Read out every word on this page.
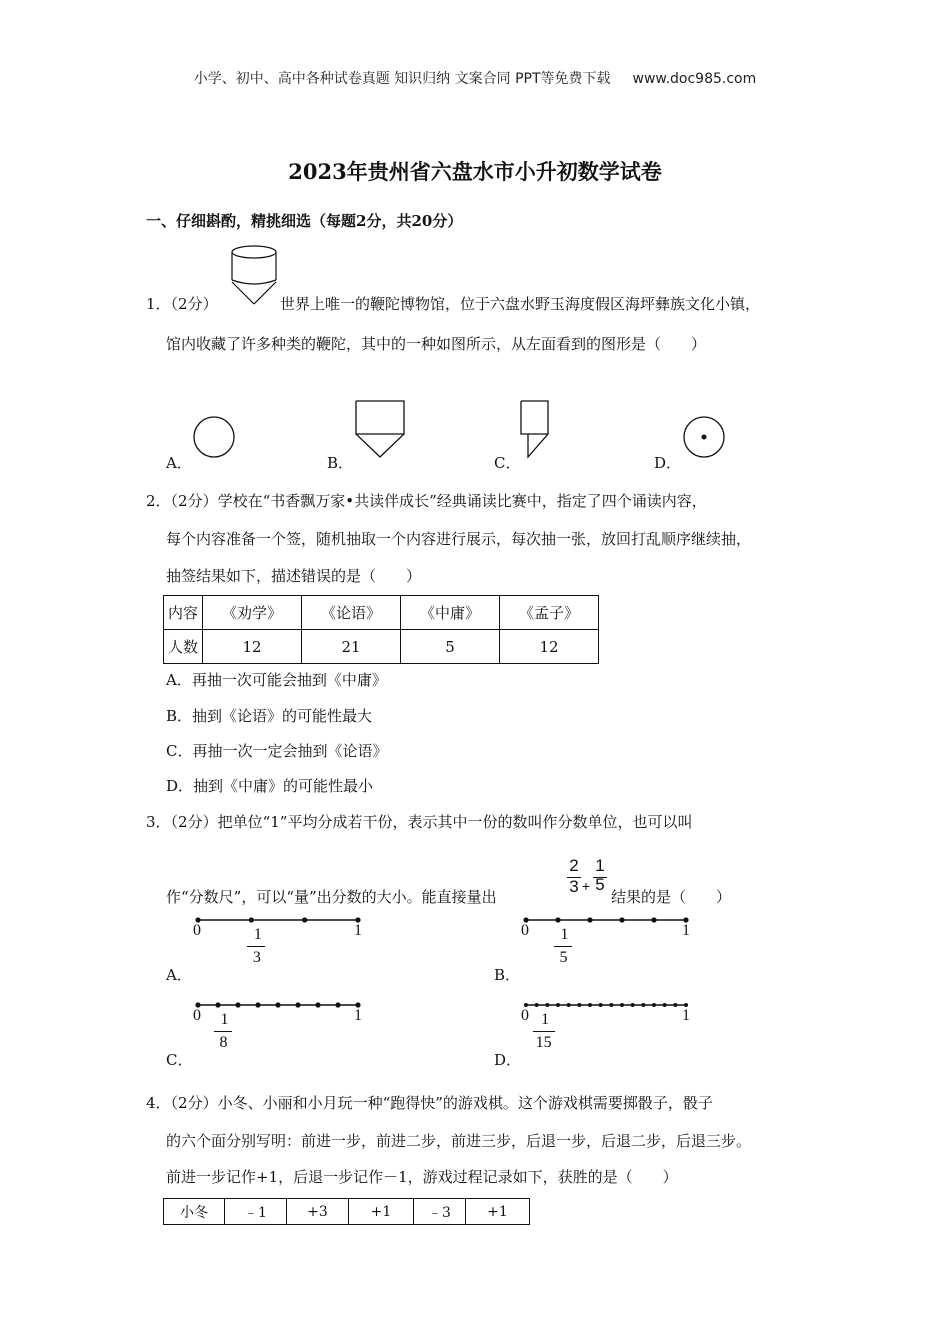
小学、初中、高中各种试卷真题 知识归纳 文案合同 PPT等免费下载 www.doc985.com
2023年贵州省六盘水市小升初数学试卷
一、仔细斟酌，精挑细选（每题2分，共20分）
1．（2分）	世界上唯一的鞭陀博物馆，位于六盘水野玉海度假区海坪彝族文化小镇，
馆内收藏了许多种类的鞭陀，其中的一种如图所示，从左面看到的图形是（　　）
A．	B．	C．	D．
2．（2分）学校在“书香飘万家•共读伴成长”经典诵读比赛中，指定了四个诵读内容，
每个内容准备一个签，随机抽取一个内容进行展示，每次抽一张，放回打乱顺序继续抽，
抽签结果如下，描述错误的是（　　）
内容	《劝学》	《论语》	《中庸》	《孟子》
人数	12	21	5	12
A．再抽一次可能会抽到《中庸》
B．抽到《论语》的可能性最大
C．再抽一次一定会抽到《论语》
D．抽到《中庸》的可能性最小
3．（2分）把单位“1”平均分成若干份，表示其中一份的数叫作分数单位，也可以叫
作“分数尺”，可以“量”出分数的大小。能直接量出
2
3 +
1
5
结果的是（　　）
A．	B．
C．	D．
0	1
1
3
0	1
1
5
0	1
1
8
0	1
1
15
4．（2分）小冬、小丽和小月玩一种“跑得快”的游戏棋。这个游戏棋需要掷骰子，骰子
的六个面分别写明：前进一步，前进二步，前进三步，后退一步，后退二步，后退三步。
前进一步记作+1，后退一步记作－1，游戏过程记录如下，获胜的是（　　）
小冬	﹣1	+3	+1	﹣3	+1
